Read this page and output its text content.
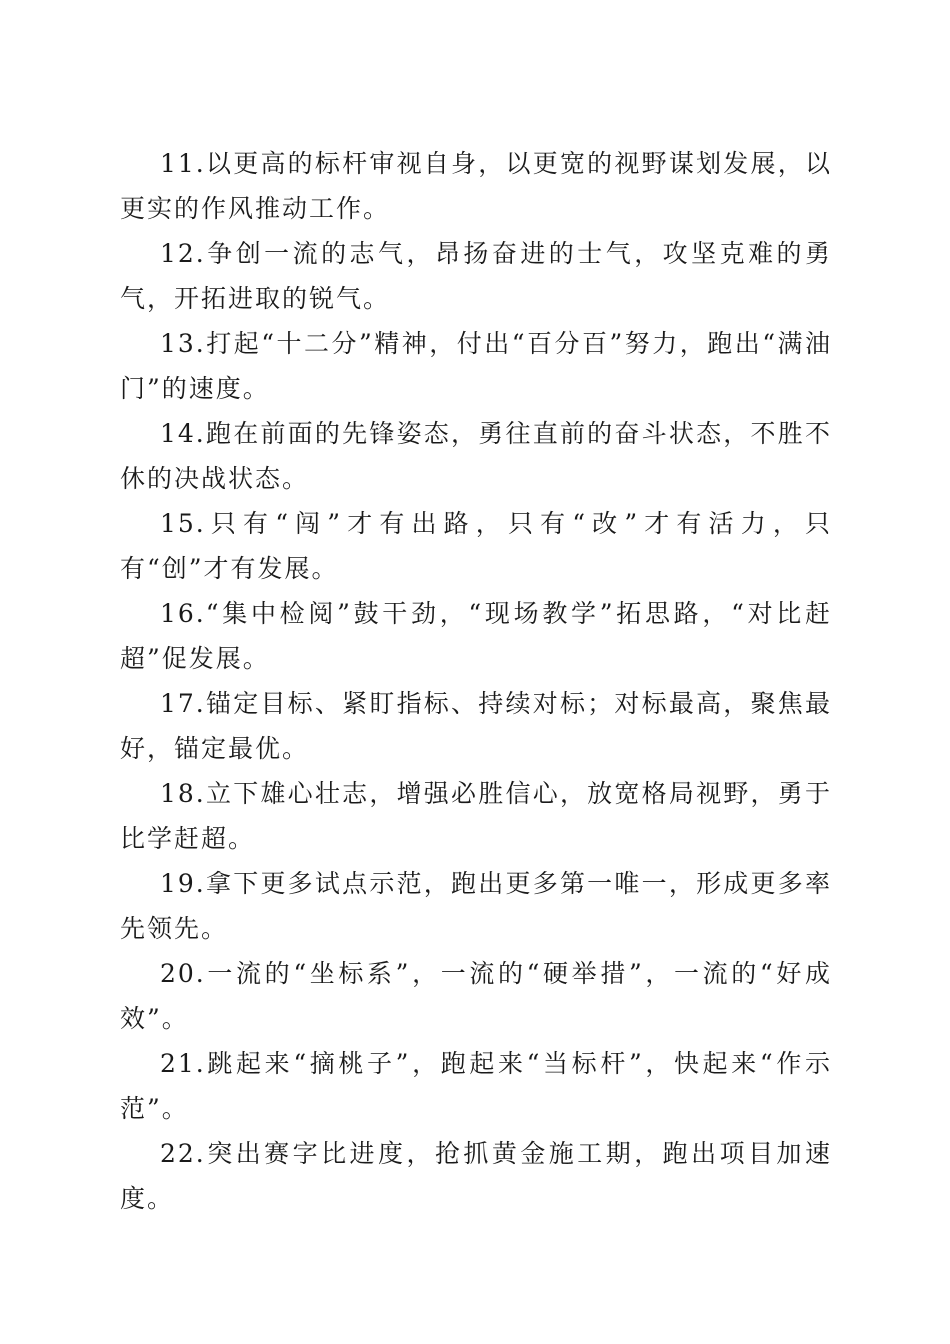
11.以更高的标杆审视自身，以更宽的视野谋划发展，以更实的作风推动工作。

12.争创一流的志气，昂扬奋进的士气，攻坚克难的勇气，开拓进取的锐气。

13.打起“十二分”精神，付出“百分百”努力，跑出“满油门”的速度。

14.跑在前面的先锋姿态，勇往直前的奋斗状态，不胜不休的决战状态。

15.只有“闯”才有出路，只有“改”才有活力，只有“创”才有发展。

16.“集中检阅”鼓干劲，“现场教学”拓思路，“对比赶超”促发展。

17.锚定目标、紧盯指标、持续对标；对标最高，聚焦最好，锚定最优。

18.立下雄心壮志，增强必胜信心，放宽格局视野，勇于比学赶超。

19.拿下更多试点示范，跑出更多第一唯一，形成更多率先领先。

20.一流的“坐标系”，一流的“硬举措”，一流的“好成效”。

21.跳起来“摘桃子”，跑起来“当标杆”，快起来“作示范”。

22.突出赛字比进度，抢抓黄金施工期，跑出项目加速度。
